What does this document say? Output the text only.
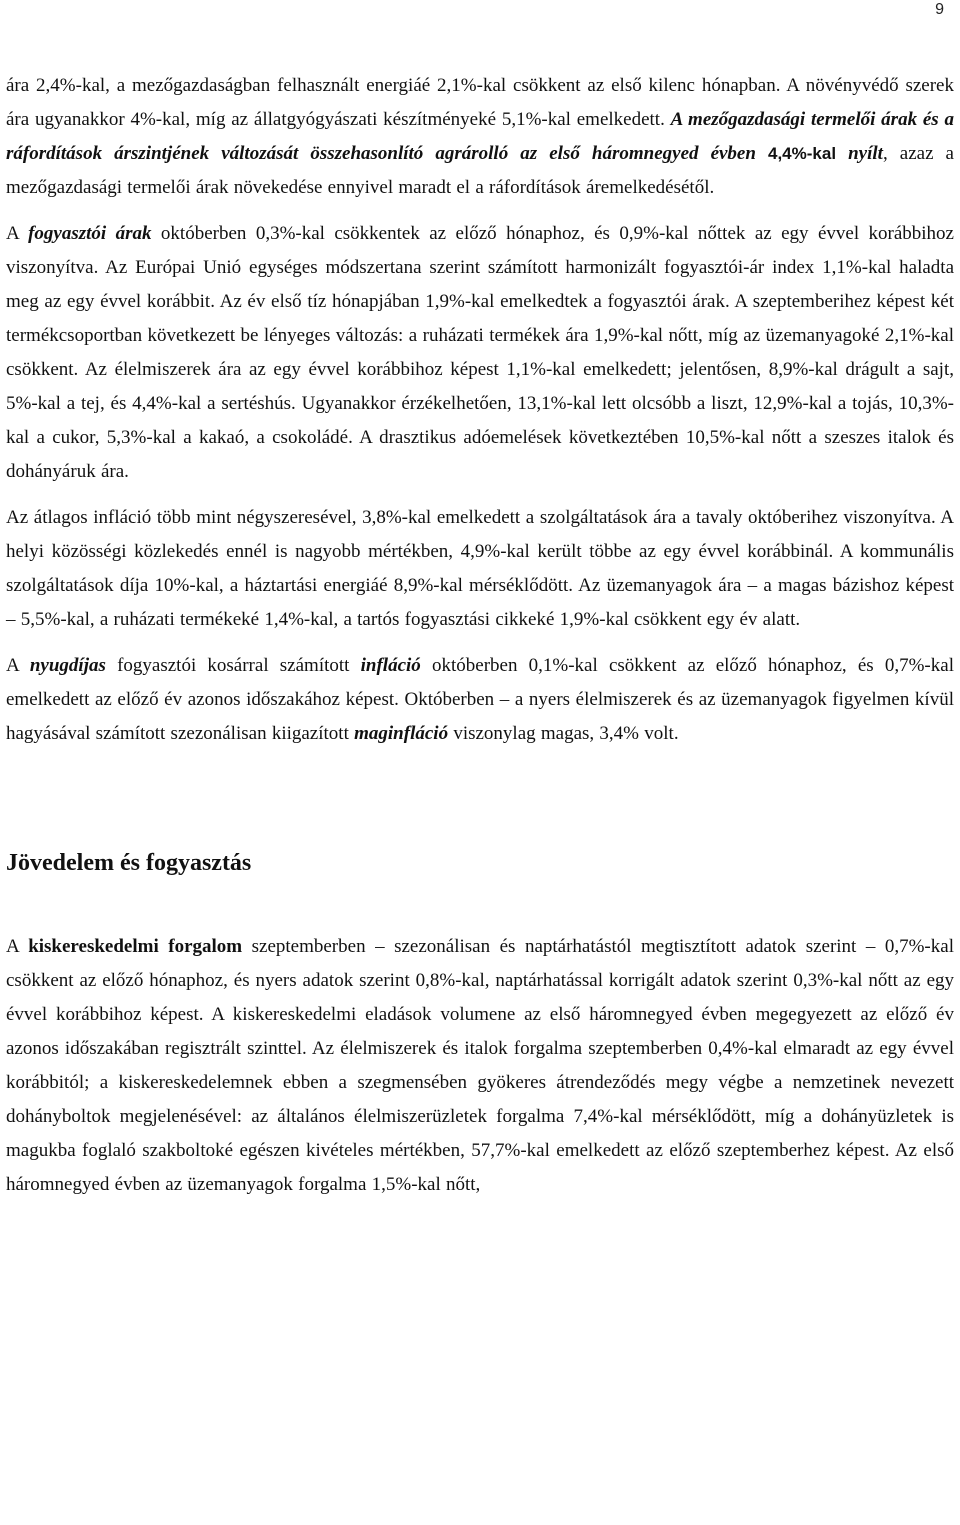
9

ára 2,4%-kal, a mezőgazdaságban felhasznált energiáé 2,1%-kal csökkent az első kilenc hónapban. A növényvédő szerek ára ugyanakkor 4%-kal, míg az állatgyógyászati készítményeké 5,1%-kal emelkedett. A mezőgazdasági termelői árak és a ráfordítások árszintjének változását összehasonlító agrárolló az első háromnegyed évben 4,4%-kal nyílt, azaz a mezőgazdasági termelői árak növekedése ennyivel maradt el a ráfordítások áremelkedésétől.

A fogyasztói árak októberben 0,3%-kal csökkentek az előző hónaphoz, és 0,9%-kal nőttek az egy évvel korábbihoz viszonyítva. Az Európai Unió egységes módszertana szerint számított harmonizált fogyasztói-ár index 1,1%-kal haladta meg az egy évvel korábbit. Az év első tíz hónapjában 1,9%-kal emelkedtek a fogyasztói árak. A szeptemberihez képest két termékcsoportban következett be lényeges változás: a ruházati termékek ára 1,9%-kal nőtt, míg az üzemanyagoké 2,1%-kal csökkent. Az élelmiszerek ára az egy évvel korábbihoz képest 1,1%-kal emelkedett; jelentősen, 8,9%-kal drágult a sajt, 5%-kal a tej, és 4,4%-kal a sertéshús. Ugyanakkor érzékelhetően, 13,1%-kal lett olcsóbb a liszt, 12,9%-kal a tojás, 10,3%-kal a cukor, 5,3%-kal a kakaó, a csokoládé. A drasztikus adóemelések következtében 10,5%-kal nőtt a szeszes italok és dohányáruk ára.

Az átlagos infláció több mint négyszeresével, 3,8%-kal emelkedett a szolgáltatások ára a tavaly októberihez viszonyítva. A helyi közösségi közlekedés ennél is nagyobb mértékben, 4,9%-kal került többe az egy évvel korábbinál. A kommunális szolgáltatások díja 10%-kal, a háztartási energiáé 8,9%-kal mérséklődött. Az üzemanyagok ára – a magas bázishoz képest – 5,5%-kal, a ruházati termékeké 1,4%-kal, a tartós fogyasztási cikkeké 1,9%-kal csökkent egy év alatt.

A nyugdíjas fogyasztói kosárral számított infláció októberben 0,1%-kal csökkent az előző hónaphoz, és 0,7%-kal emelkedett az előző év azonos időszakához képest. Októberben – a nyers élelmiszerek és az üzemanyagok figyelmen kívül hagyásával számított szezonálisan kiigazított maginfláció viszonylag magas, 3,4% volt.

Jövedelem és fogyasztás

A kiskereskedelmi forgalom szeptemberben – szezonálisan és naptárhatástól megtisztított adatok szerint – 0,7%-kal csökkent az előző hónaphoz, és nyers adatok szerint 0,8%-kal, naptárhatással korrigált adatok szerint 0,3%-kal nőtt az egy évvel korábbihoz képest. A kiskereskedelmi eladások volumene az első háromnegyed évben megegyezett az előző év azonos időszakában regisztrált szinttel. Az élelmiszerek és italok forgalma szeptemberben 0,4%-kal elmaradt az egy évvel korábbitól; a kiskereskedelemnek ebben a szegmensében gyökeres átrendeződés megy végbe a nemzetinek nevezett dohányboltok megjelenésével: az általános élelmiszerüzletek forgalma 7,4%-kal mérséklődött, míg a dohányüzletek is magukba foglaló szakboltoké egészen kivételes mértékben, 57,7%-kal emelkedett az előző szeptemberhez képest. Az első háromnegyed évben az üzemanyagok forgalma 1,5%-kal nőtt,
